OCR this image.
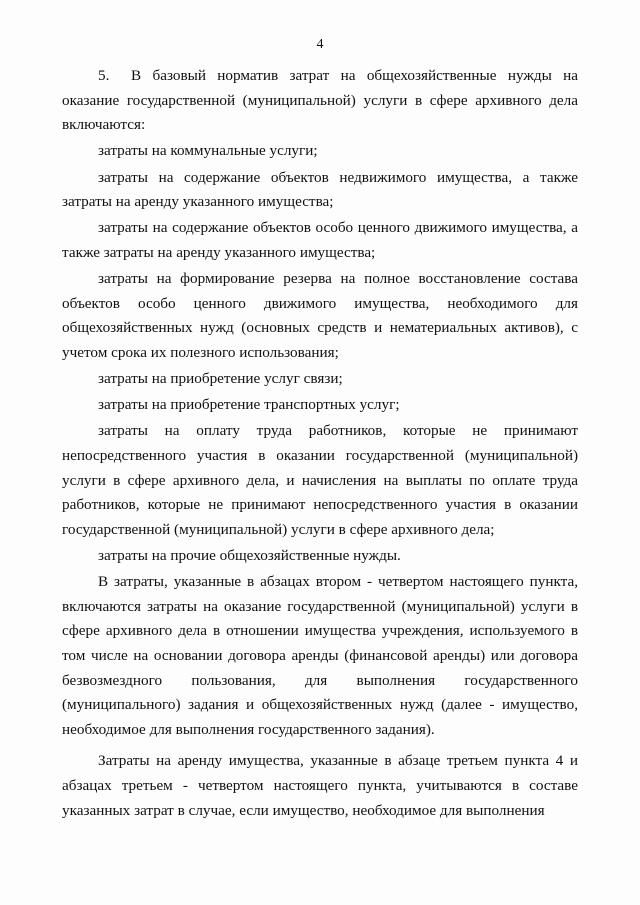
4

5. В базовый норматив затрат на общехозяйственные нужды на оказание государственной (муниципальной) услуги в сфере архивного дела включаются:

затраты на коммунальные услуги;

затраты на содержание объектов недвижимого имущества, а также затраты на аренду указанного имущества;

затраты на содержание объектов особо ценного движимого имущества, а также затраты на аренду указанного имущества;

затраты на формирование резерва на полное восстановление состава объектов особо ценного движимого имущества, необходимого для общехозяйственных нужд (основных средств и нематериальных активов), с учетом срока их полезного использования;

затраты на приобретение услуг связи;

затраты на приобретение транспортных услуг;

затраты на оплату труда работников, которые не принимают непосредственного участия в оказании государственной (муниципальной) услуги в сфере архивного дела, и начисления на выплаты по оплате труда работников, которые не принимают непосредственного участия в оказании государственной (муниципальной) услуги в сфере архивного дела;

затраты на прочие общехозяйственные нужды.

В затраты, указанные в абзацах втором - четвертом настоящего пункта, включаются затраты на оказание государственной (муниципальной) услуги в сфере архивного дела в отношении имущества учреждения, используемого в том числе на основании договора аренды (финансовой аренды) или договора безвозмездного пользования, для выполнения государственного (муниципального) задания и общехозяйственных нужд (далее - имущество, необходимое для выполнения государственного задания).

Затраты на аренду имущества, указанные в абзаце третьем пункта 4 и абзацах третьем - четвертом настоящего пункта, учитываются в составе указанных затрат в случае, если имущество, необходимое для выполнения
